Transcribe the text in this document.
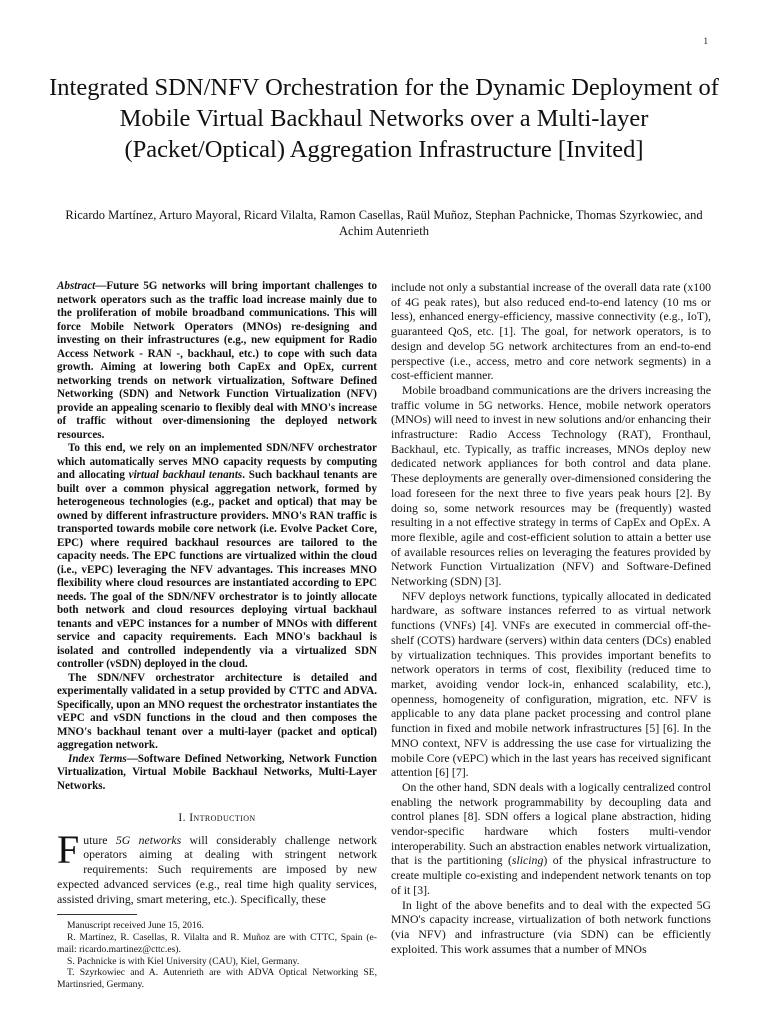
1
Integrated SDN/NFV Orchestration for the Dynamic Deployment of Mobile Virtual Backhaul Networks over a Multi-layer (Packet/Optical) Aggregation Infrastructure [Invited]

Ricardo Martínez, Arturo Mayoral, Ricard Vilalta, Ramon Casellas, Raül Muñoz, Stephan Pachnicke, Thomas Szyrkowiec, and Achim Autenrieth

Abstract—Future 5G networks will bring important challenges to network operators such as the traffic load increase mainly due to the proliferation of mobile broadband communications. This will force Mobile Network Operators (MNOs) re-designing and investing on their infrastructures (e.g., new equipment for Radio Access Network - RAN -, backhaul, etc.) to cope with such data growth. Aiming at lowering both CapEx and OpEx, current networking trends on network virtualization, Software Defined Networking (SDN) and Network Function Virtualization (NFV) provide an appealing scenario to flexibly deal with MNO's increase of traffic without over-dimensioning the deployed network resources.

To this end, we rely on an implemented SDN/NFV orchestrator which automatically serves MNO capacity requests by computing and allocating virtual backhaul tenants. Such backhaul tenants are built over a common physical aggregation network, formed by heterogeneous technologies (e.g., packet and optical) that may be owned by different infrastructure providers. MNO's RAN traffic is transported towards mobile core network (i.e. Evolve Packet Core, EPC) where required backhaul resources are tailored to the capacity needs. The EPC functions are virtualized within the cloud (i.e., vEPC) leveraging the NFV advantages. This increases MNO flexibility where cloud resources are instantiated according to EPC needs. The goal of the SDN/NFV orchestrator is to jointly allocate both network and cloud resources deploying virtual backhaul tenants and vEPC instances for a number of MNOs with different service and capacity requirements. Each MNO's backhaul is isolated and controlled independently via a virtualized SDN controller (vSDN) deployed in the cloud.

The SDN/NFV orchestrator architecture is detailed and experimentally validated in a setup provided by CTTC and ADVA. Specifically, upon an MNO request the orchestrator instantiates the vEPC and vSDN functions in the cloud and then composes the MNO's backhaul tenant over a multi-layer (packet and optical) aggregation network.

Index Terms—Software Defined Networking, Network Function Virtualization, Virtual Mobile Backhaul Networks, Multi-Layer Networks.

I. Introduction

Future 5G networks will considerably challenge network operators aiming at dealing with stringent network requirements: Such requirements are imposed by new expected advanced services (e.g., real time high quality services, assisted driving, smart metering, etc.). Specifically, these

Manuscript received June 15, 2016.

R. Martínez, R. Casellas, R. Vilalta and R. Muñoz are with CTTC, Spain (e-mail: ricardo.martinez@cttc.es).

S. Pachnicke is with Kiel University (CAU), Kiel, Germany.

T. Szyrkowiec and A. Autenrieth are with ADVA Optical Networking SE, Martinsried, Germany.

include not only a substantial increase of the overall data rate (x100 of 4G peak rates), but also reduced end-to-end latency (10 ms or less), enhanced energy-efficiency, massive connectivity (e.g., IoT), guaranteed QoS, etc. [1]. The goal, for network operators, is to design and develop 5G network architectures from an end-to-end perspective (i.e., access, metro and core network segments) in a cost-efficient manner.

Mobile broadband communications are the drivers increasing the traffic volume in 5G networks. Hence, mobile network operators (MNOs) will need to invest in new solutions and/or enhancing their infrastructure: Radio Access Technology (RAT), Fronthaul, Backhaul, etc. Typically, as traffic increases, MNOs deploy new dedicated network appliances for both control and data plane. These deployments are generally over-dimensioned considering the load foreseen for the next three to five years peak hours [2]. By doing so, some network resources may be (frequently) wasted resulting in a not effective strategy in terms of CapEx and OpEx. A more flexible, agile and cost-efficient solution to attain a better use of available resources relies on leveraging the features provided by Network Function Virtualization (NFV) and Software-Defined Networking (SDN) [3].

NFV deploys network functions, typically allocated in dedicated hardware, as software instances referred to as virtual network functions (VNFs) [4]. VNFs are executed in commercial off-the-shelf (COTS) hardware (servers) within data centers (DCs) enabled by virtualization techniques. This provides important benefits to network operators in terms of cost, flexibility (reduced time to market, avoiding vendor lock-in, enhanced scalability, etc.), openness, homogeneity of configuration, migration, etc. NFV is applicable to any data plane packet processing and control plane function in fixed and mobile network infrastructures [5] [6]. In the MNO context, NFV is addressing the use case for virtualizing the mobile Core (vEPC) which in the last years has received significant attention [6] [7].

On the other hand, SDN deals with a logically centralized control enabling the network programmability by decoupling data and control planes [8]. SDN offers a logical plane abstraction, hiding vendor-specific hardware which fosters multi-vendor interoperability. Such an abstraction enables network virtualization, that is the partitioning (slicing) of the physical infrastructure to create multiple co-existing and independent network tenants on top of it [3].

In light of the above benefits and to deal with the expected 5G MNO's capacity increase, virtualization of both network functions (via NFV) and infrastructure (via SDN) can be efficiently exploited. This work assumes that a number of MNOs
